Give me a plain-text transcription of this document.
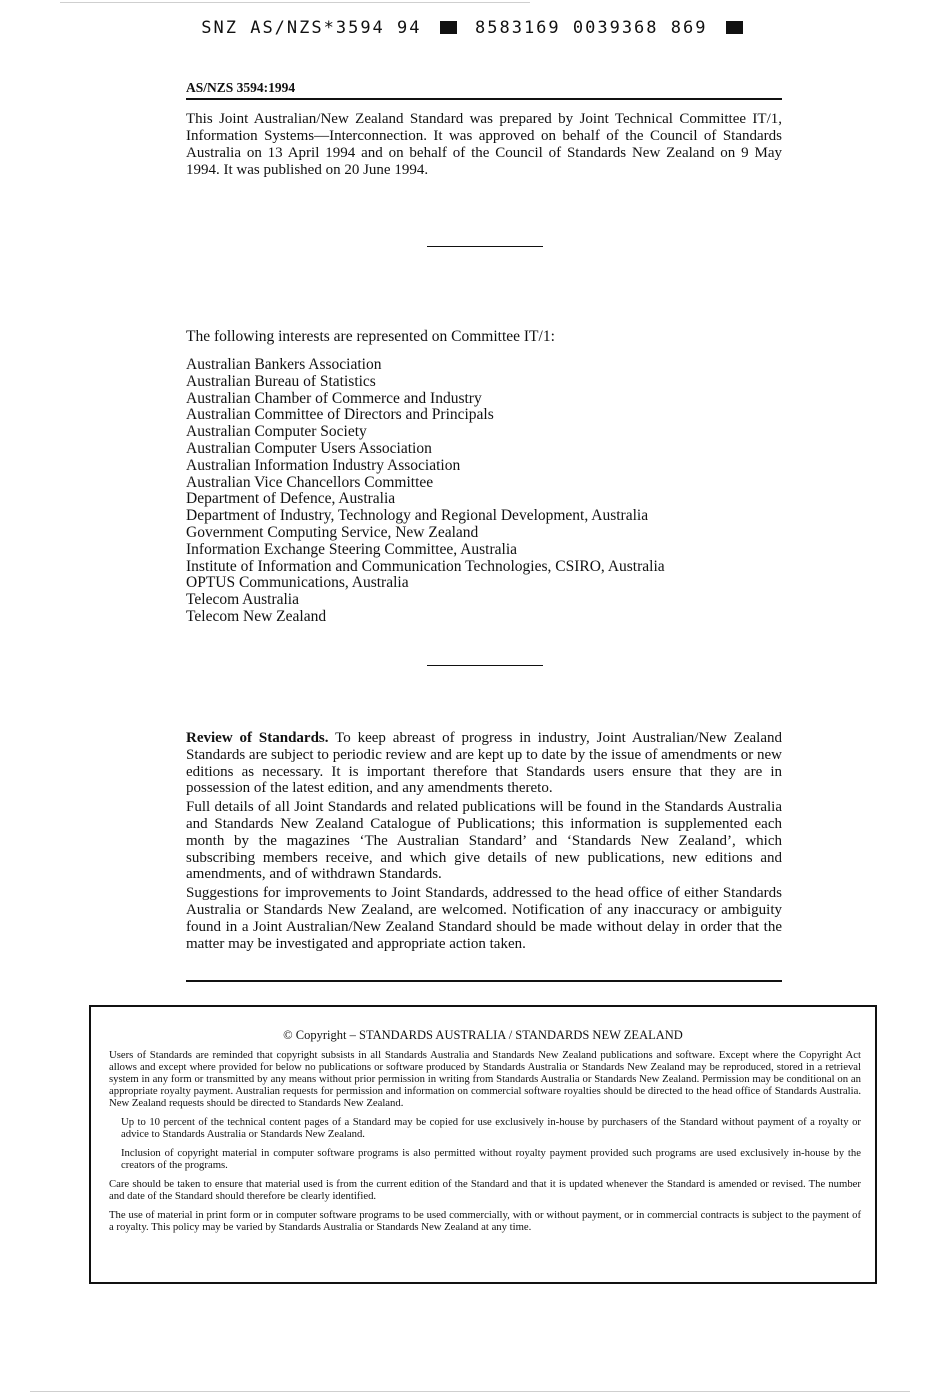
SNZ AS/NZS*3594 94	8583169 0039368 869
AS/NZS 3594:1994

This Joint Australian/New Zealand Standard was prepared by Joint Technical Committee IT/1, Information Systems—Interconnection. It was approved on behalf of the Council of Standards Australia on 13 April 1994 and on behalf of the Council of Standards New Zealand on 9 May 1994. It was published on 20 June 1994.

The following interests are represented on Committee IT/1:

Australian Bankers Association
Australian Bureau of Statistics
Australian Chamber of Commerce and Industry
Australian Committee of Directors and Principals
Australian Computer Society
Australian Computer Users Association
Australian Information Industry Association
Australian Vice Chancellors Committee
Department of Defence, Australia
Department of Industry, Technology and Regional Development, Australia
Government Computing Service, New Zealand
Information Exchange Steering Committee, Australia
Institute of Information and Communication Technologies, CSIRO, Australia
OPTUS Communications, Australia
Telecom Australia
Telecom New Zealand

Review of Standards. To keep abreast of progress in industry, Joint Australian/New Zealand Standards are subject to periodic review and are kept up to date by the issue of amendments or new editions as necessary. It is important therefore that Standards users ensure that they are in possession of the latest edition, and any amendments thereto.

Full details of all Joint Standards and related publications will be found in the Standards Australia and Standards New Zealand Catalogue of Publications; this information is supplemented each month by the magazines ‘The Australian Standard’ and ‘Standards New Zealand’, which subscribing members receive, and which give details of new publications, new editions and amendments, and of withdrawn Standards.

Suggestions for improvements to Joint Standards, addressed to the head office of either Standards Australia or Standards New Zealand, are welcomed. Notification of any inaccuracy or ambiguity found in a Joint Australian/New Zealand Standard should be made without delay in order that the matter may be investigated and appropriate action taken.

© Copyright – STANDARDS AUSTRALIA / STANDARDS NEW ZEALAND

Users of Standards are reminded that copyright subsists in all Standards Australia and Standards New Zealand publications and software. Except where the Copyright Act allows and except where provided for below no publications or software produced by Standards Australia or Standards New Zealand may be reproduced, stored in a retrieval system in any form or transmitted by any means without prior permission in writing from Standards Australia or Standards New Zealand. Permission may be conditional on an appropriate royalty payment. Australian requests for permission and information on commercial software royalties should be directed to the head office of Standards Australia. New Zealand requests should be directed to Standards New Zealand.

Up to 10 percent of the technical content pages of a Standard may be copied for use exclusively in-house by purchasers of the Standard without payment of a royalty or advice to Standards Australia or Standards New Zealand.

Inclusion of copyright material in computer software programs is also permitted without royalty payment provided such programs are used exclusively in-house by the creators of the programs.

Care should be taken to ensure that material used is from the current edition of the Standard and that it is updated whenever the Standard is amended or revised. The number and date of the Standard should therefore be clearly identified.

The use of material in print form or in computer software programs to be used commercially, with or without payment, or in commercial contracts is subject to the payment of a royalty. This policy may be varied by Standards Australia or Standards New Zealand at any time.
